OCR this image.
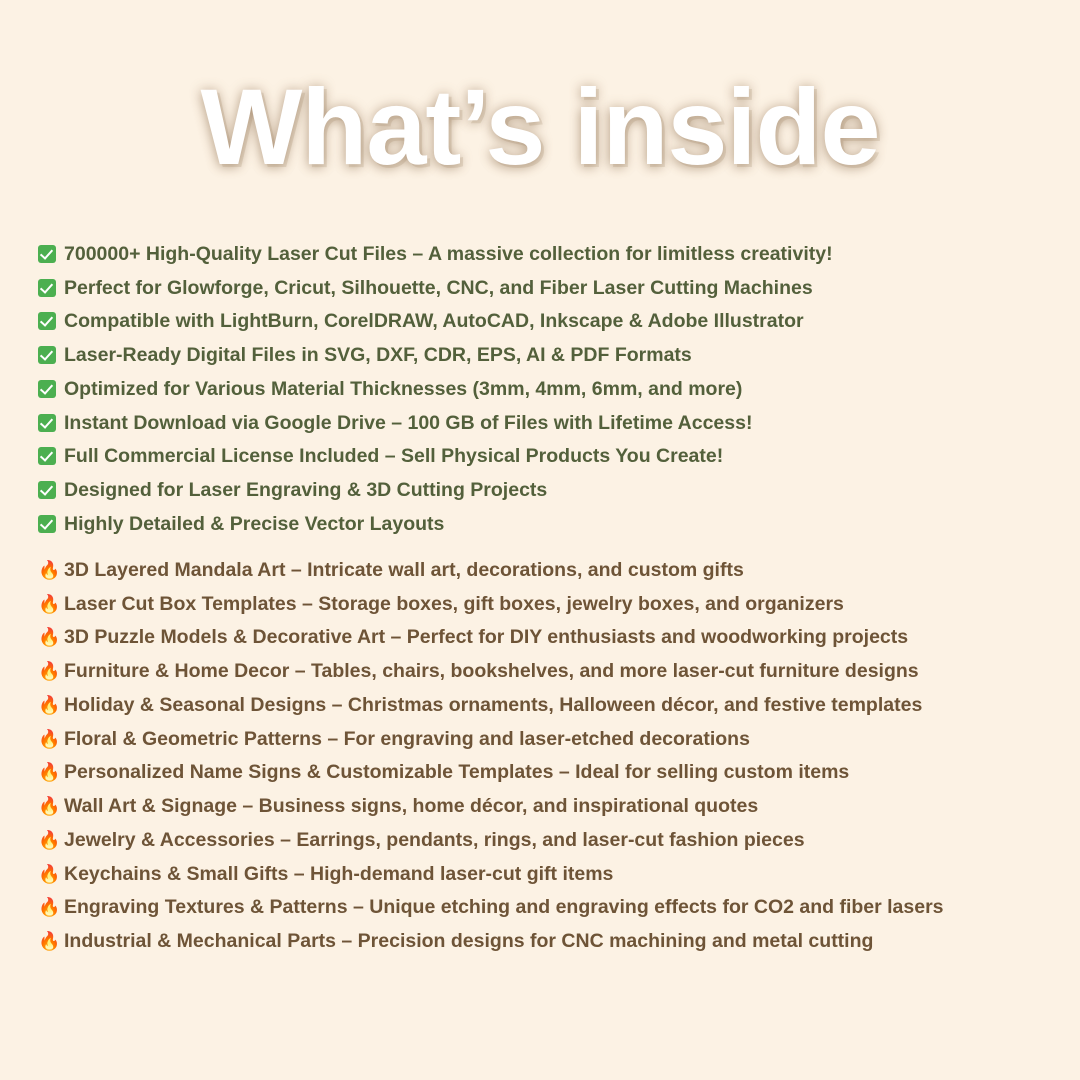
What’s inside
700000+ High-Quality Laser Cut Files – A massive collection for limitless creativity!
Perfect for Glowforge, Cricut, Silhouette, CNC, and Fiber Laser Cutting Machines
Compatible with LightBurn, CorelDRAW, AutoCAD, Inkscape & Adobe Illustrator
Laser-Ready Digital Files in SVG, DXF, CDR, EPS, AI & PDF Formats
Optimized for Various Material Thicknesses (3mm, 4mm, 6mm, and more)
Instant Download via Google Drive – 100 GB of Files with Lifetime Access!
Full Commercial License Included – Sell Physical Products You Create!
Designed for Laser Engraving & 3D Cutting Projects
Highly Detailed & Precise Vector Layouts
🔥 3D Layered Mandala Art – Intricate wall art, decorations, and custom gifts
🔥 Laser Cut Box Templates – Storage boxes, gift boxes, jewelry boxes, and organizers
🔥 3D Puzzle Models & Decorative Art – Perfect for DIY enthusiasts and woodworking projects
🔥 Furniture & Home Decor – Tables, chairs, bookshelves, and more laser-cut furniture designs
🔥 Holiday & Seasonal Designs – Christmas ornaments, Halloween décor, and festive templates
🔥 Floral & Geometric Patterns – For engraving and laser-etched decorations
🔥 Personalized Name Signs & Customizable Templates – Ideal for selling custom items
🔥 Wall Art & Signage – Business signs, home décor, and inspirational quotes
🔥 Jewelry & Accessories – Earrings, pendants, rings, and laser-cut fashion pieces
🔥 Keychains & Small Gifts – High-demand laser-cut gift items
🔥 Engraving Textures & Patterns – Unique etching and engraving effects for CO2 and fiber lasers
🔥 Industrial & Mechanical Parts – Precision designs for CNC machining and metal cutting
